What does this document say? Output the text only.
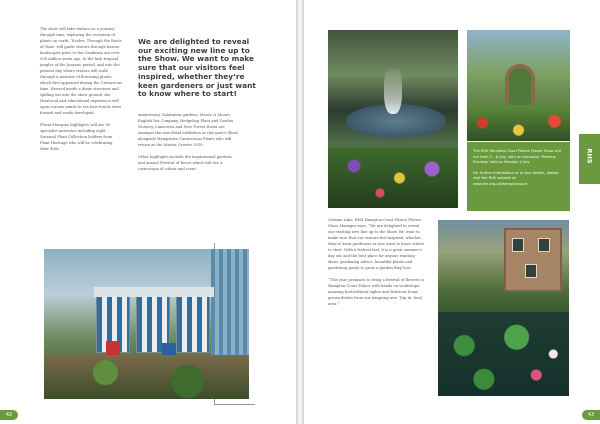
The show will take visitors on a journey through time, exploring the evolution of plants on earth. ‘Evolve: Through the Roots of Time’ will guide visitors through barren landscapes prior to the Cambrian era over 500 million years ago, to the lush tropical jungles of the Jurassic period, and into the present day where visitors will walk through a meadow of flowering plants which first appeared during the Cretaceous time. Housed inside a dome structure and spilling out into the show ground, the theatrical and educational experience will open curious minds to see how fossils were formed and seeds developed.

Floral Marquee highlights will see 80 specialist nurseries including eight National Plant Collection holders from Plant Heritage who will be celebrating their 40th

We are delighted to reveal our exciting new line up to the Show. We want to make sure that our visitors feel inspired, whether they’re keen gardeners or just want to know where to start!

anniversary. Salutation gardens, Moore & Moore, English Iris Company, Hedgehog Plant and Garden Nursery, Limecross and New Forest Hosta are amongst the new floral exhibitors at this year’s Show, alongside Hampshire Carnivorous Plants who will return as the Master Grower 2018.

Other highlights include the inspirational gardens and annual Festival of Roses which will see a cornucopia of colour and scent.

42

The RHS Hampton Court Palace Flower Show will run from 2 – 8 July, with an exclusive ‘Preview Evening’ held on Monday 2 July.

For further information or to buy tickets, please visit the RHS website at www.rhs.org.uk/hamptoncourt

RHS

Gemma Lake, RHS Hampton Court Palace Flower Show Manager says: “We are delighted to reveal our exciting new line up to the Show. We want to make sure that our visitors feel inspired, whether they’re keen gardeners or just want to know where to start. With a festival feel, it is a great summer’s day out and the best place for anyone wanting ideas, gardening advice, beautiful plants and gardening goods to grow a garden they love.

“This year promises to bring a festival of flowers to Hampton Court Palace with hands on workshops, amazing horticultural sights and delicious home grown dishes from our tempting new ‘Dig In’ food area.”

43
